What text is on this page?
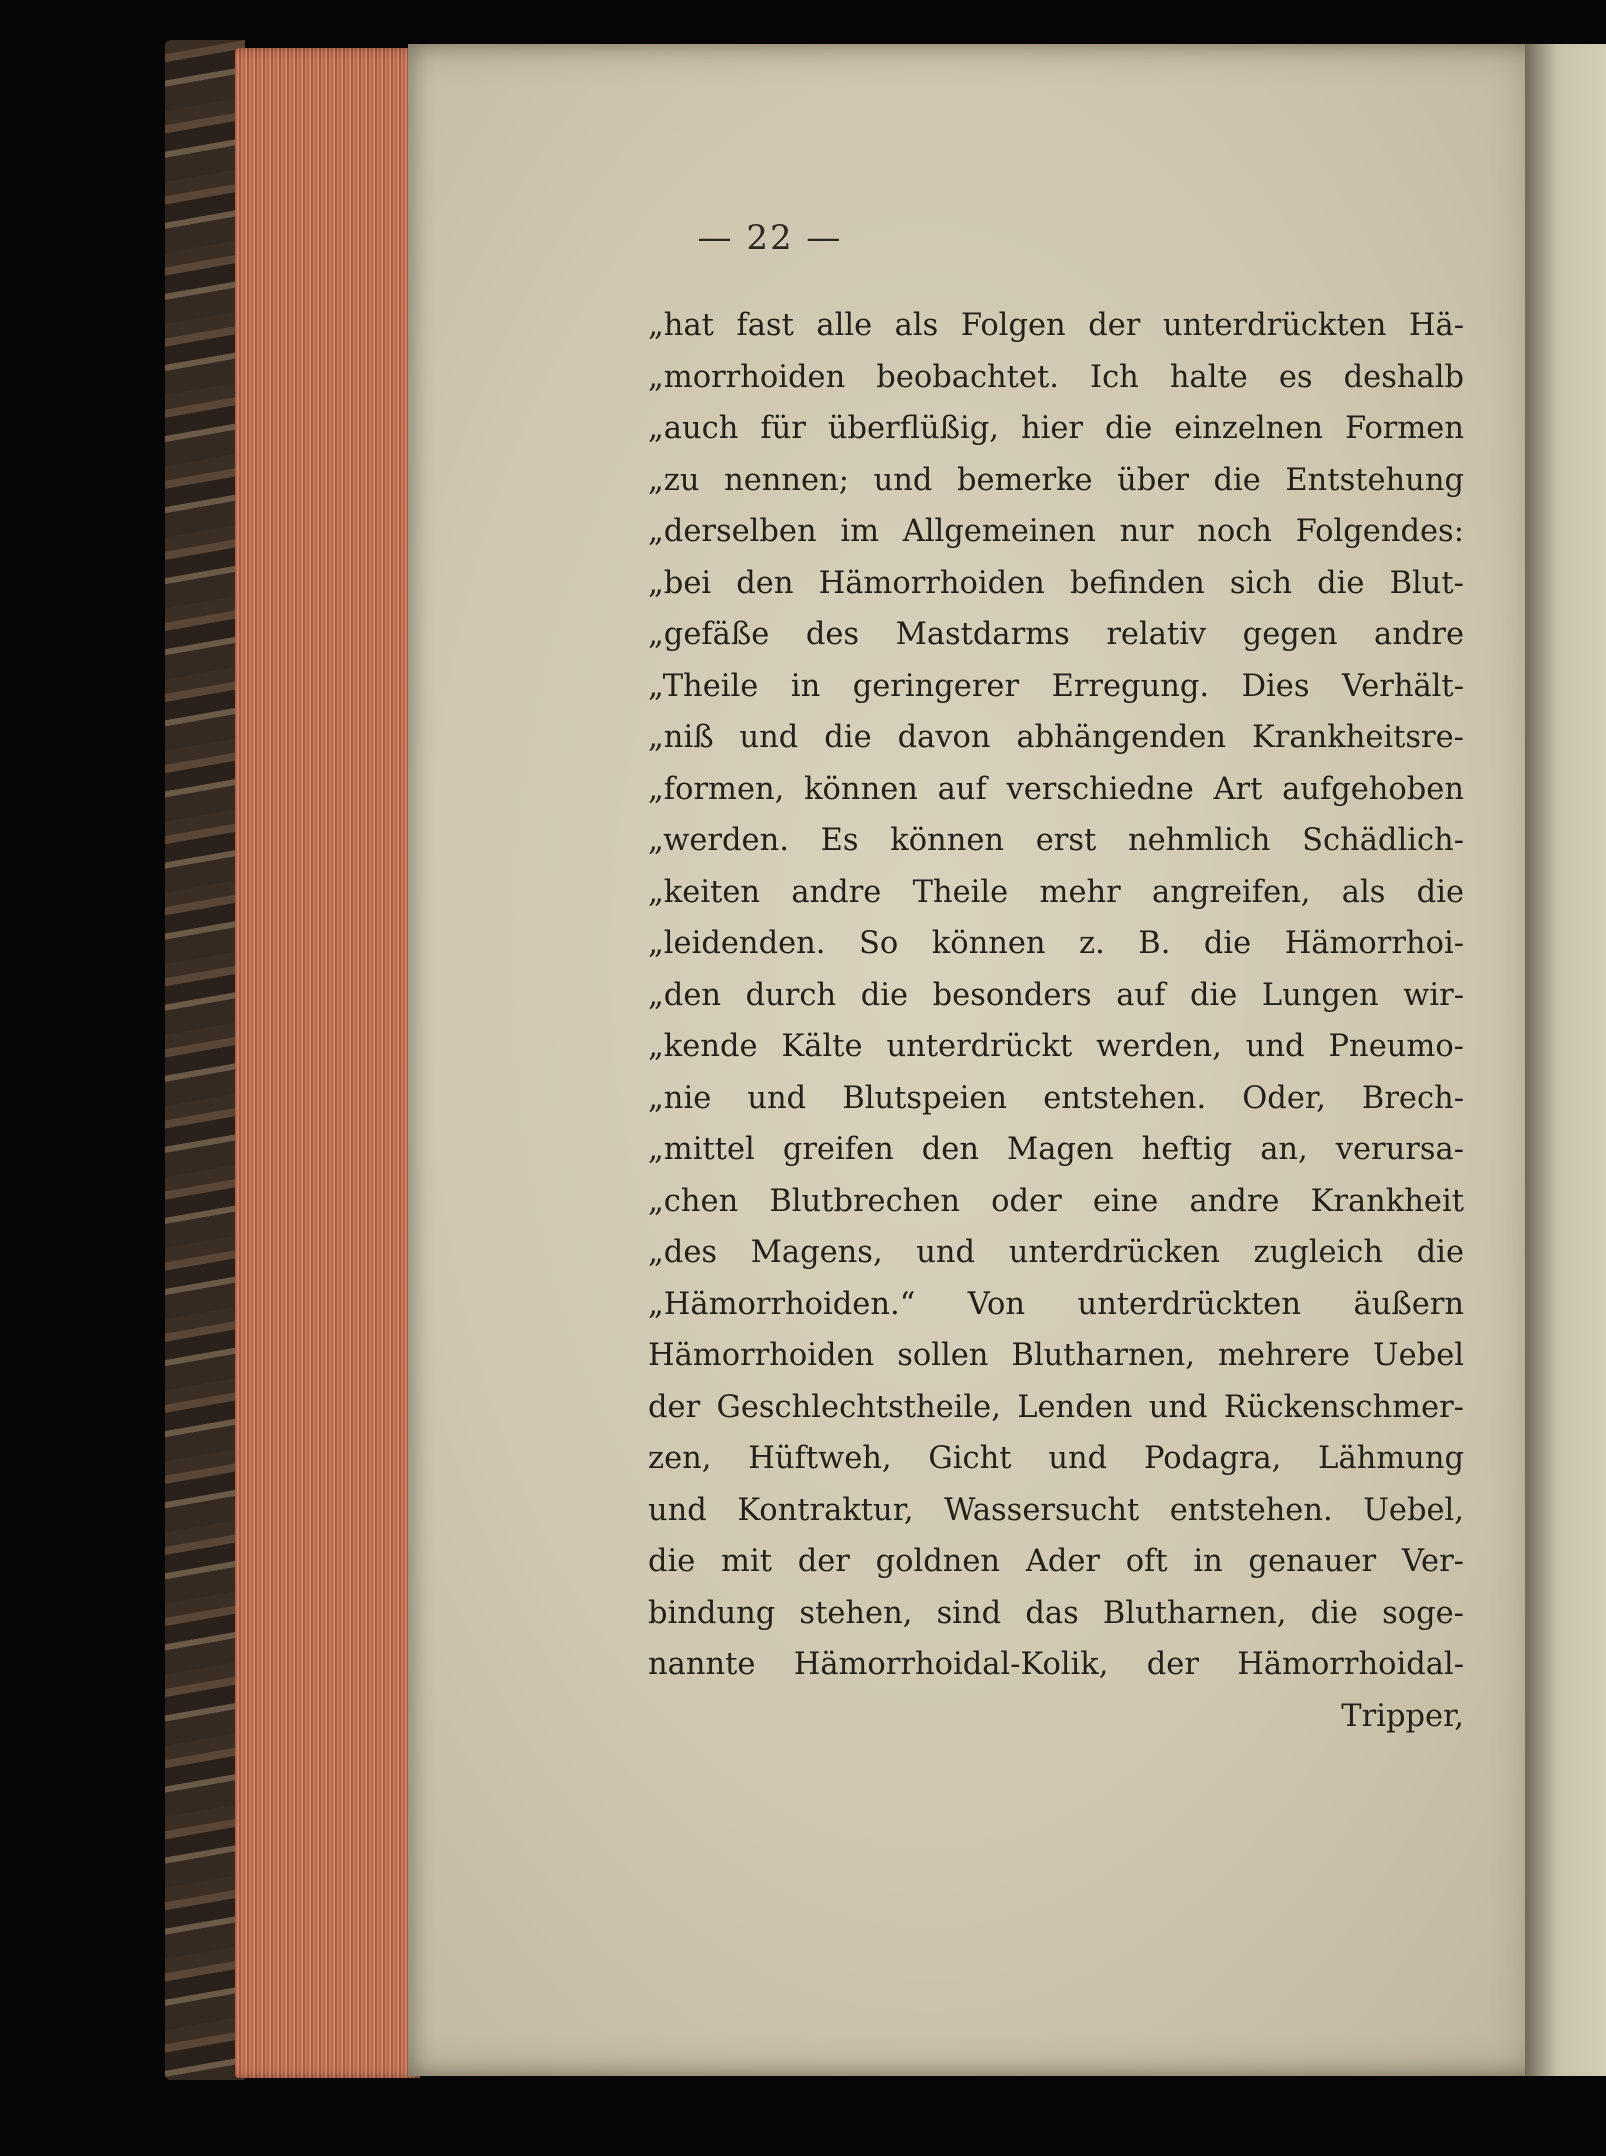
— 22 —
„hat fast alle als Folgen der unterdrückten Hä-
„morrhoiden beobachtet. Ich halte es deshalb
„auch für überflüßig, hier die einzelnen Formen
„zu nennen; und bemerke über die Entstehung
„derselben im Allgemeinen nur noch Folgendes:
„bei den Hämorrhoiden befinden sich die Blut-
„gefäße des Mastdarms relativ gegen andre
„Theile in geringerer Erregung. Dies Verhält-
„niß und die davon abhängenden Krankheitsre-
„formen, können auf verschiedne Art aufgehoben
„werden. Es können erst nehmlich Schädlich-
„keiten andre Theile mehr angreifen, als die
„leidenden. So können z. B. die Hämorrhoi-
„den durch die besonders auf die Lungen wir-
„kende Kälte unterdrückt werden, und Pneumo-
„nie und Blutspeien entstehen. Oder, Brech-
„mittel greifen den Magen heftig an, verursa-
„chen Blutbrechen oder eine andre Krankheit
„des Magens, und unterdrücken zugleich die
„Hämorrhoiden.“ Von unterdrückten äußern
Hämorrhoiden sollen Blutharnen, mehrere Uebel
der Geschlechtstheile, Lenden und Rückenschmer-
zen, Hüftweh, Gicht und Podagra, Lähmung
und Kontraktur, Wassersucht entstehen. Uebel,
die mit der goldnen Ader oft in genauer Ver-
bindung stehen, sind das Blutharnen, die soge-
nannte Hämorrhoidal-Kolik, der Hämorrhoidal-
Tripper,
